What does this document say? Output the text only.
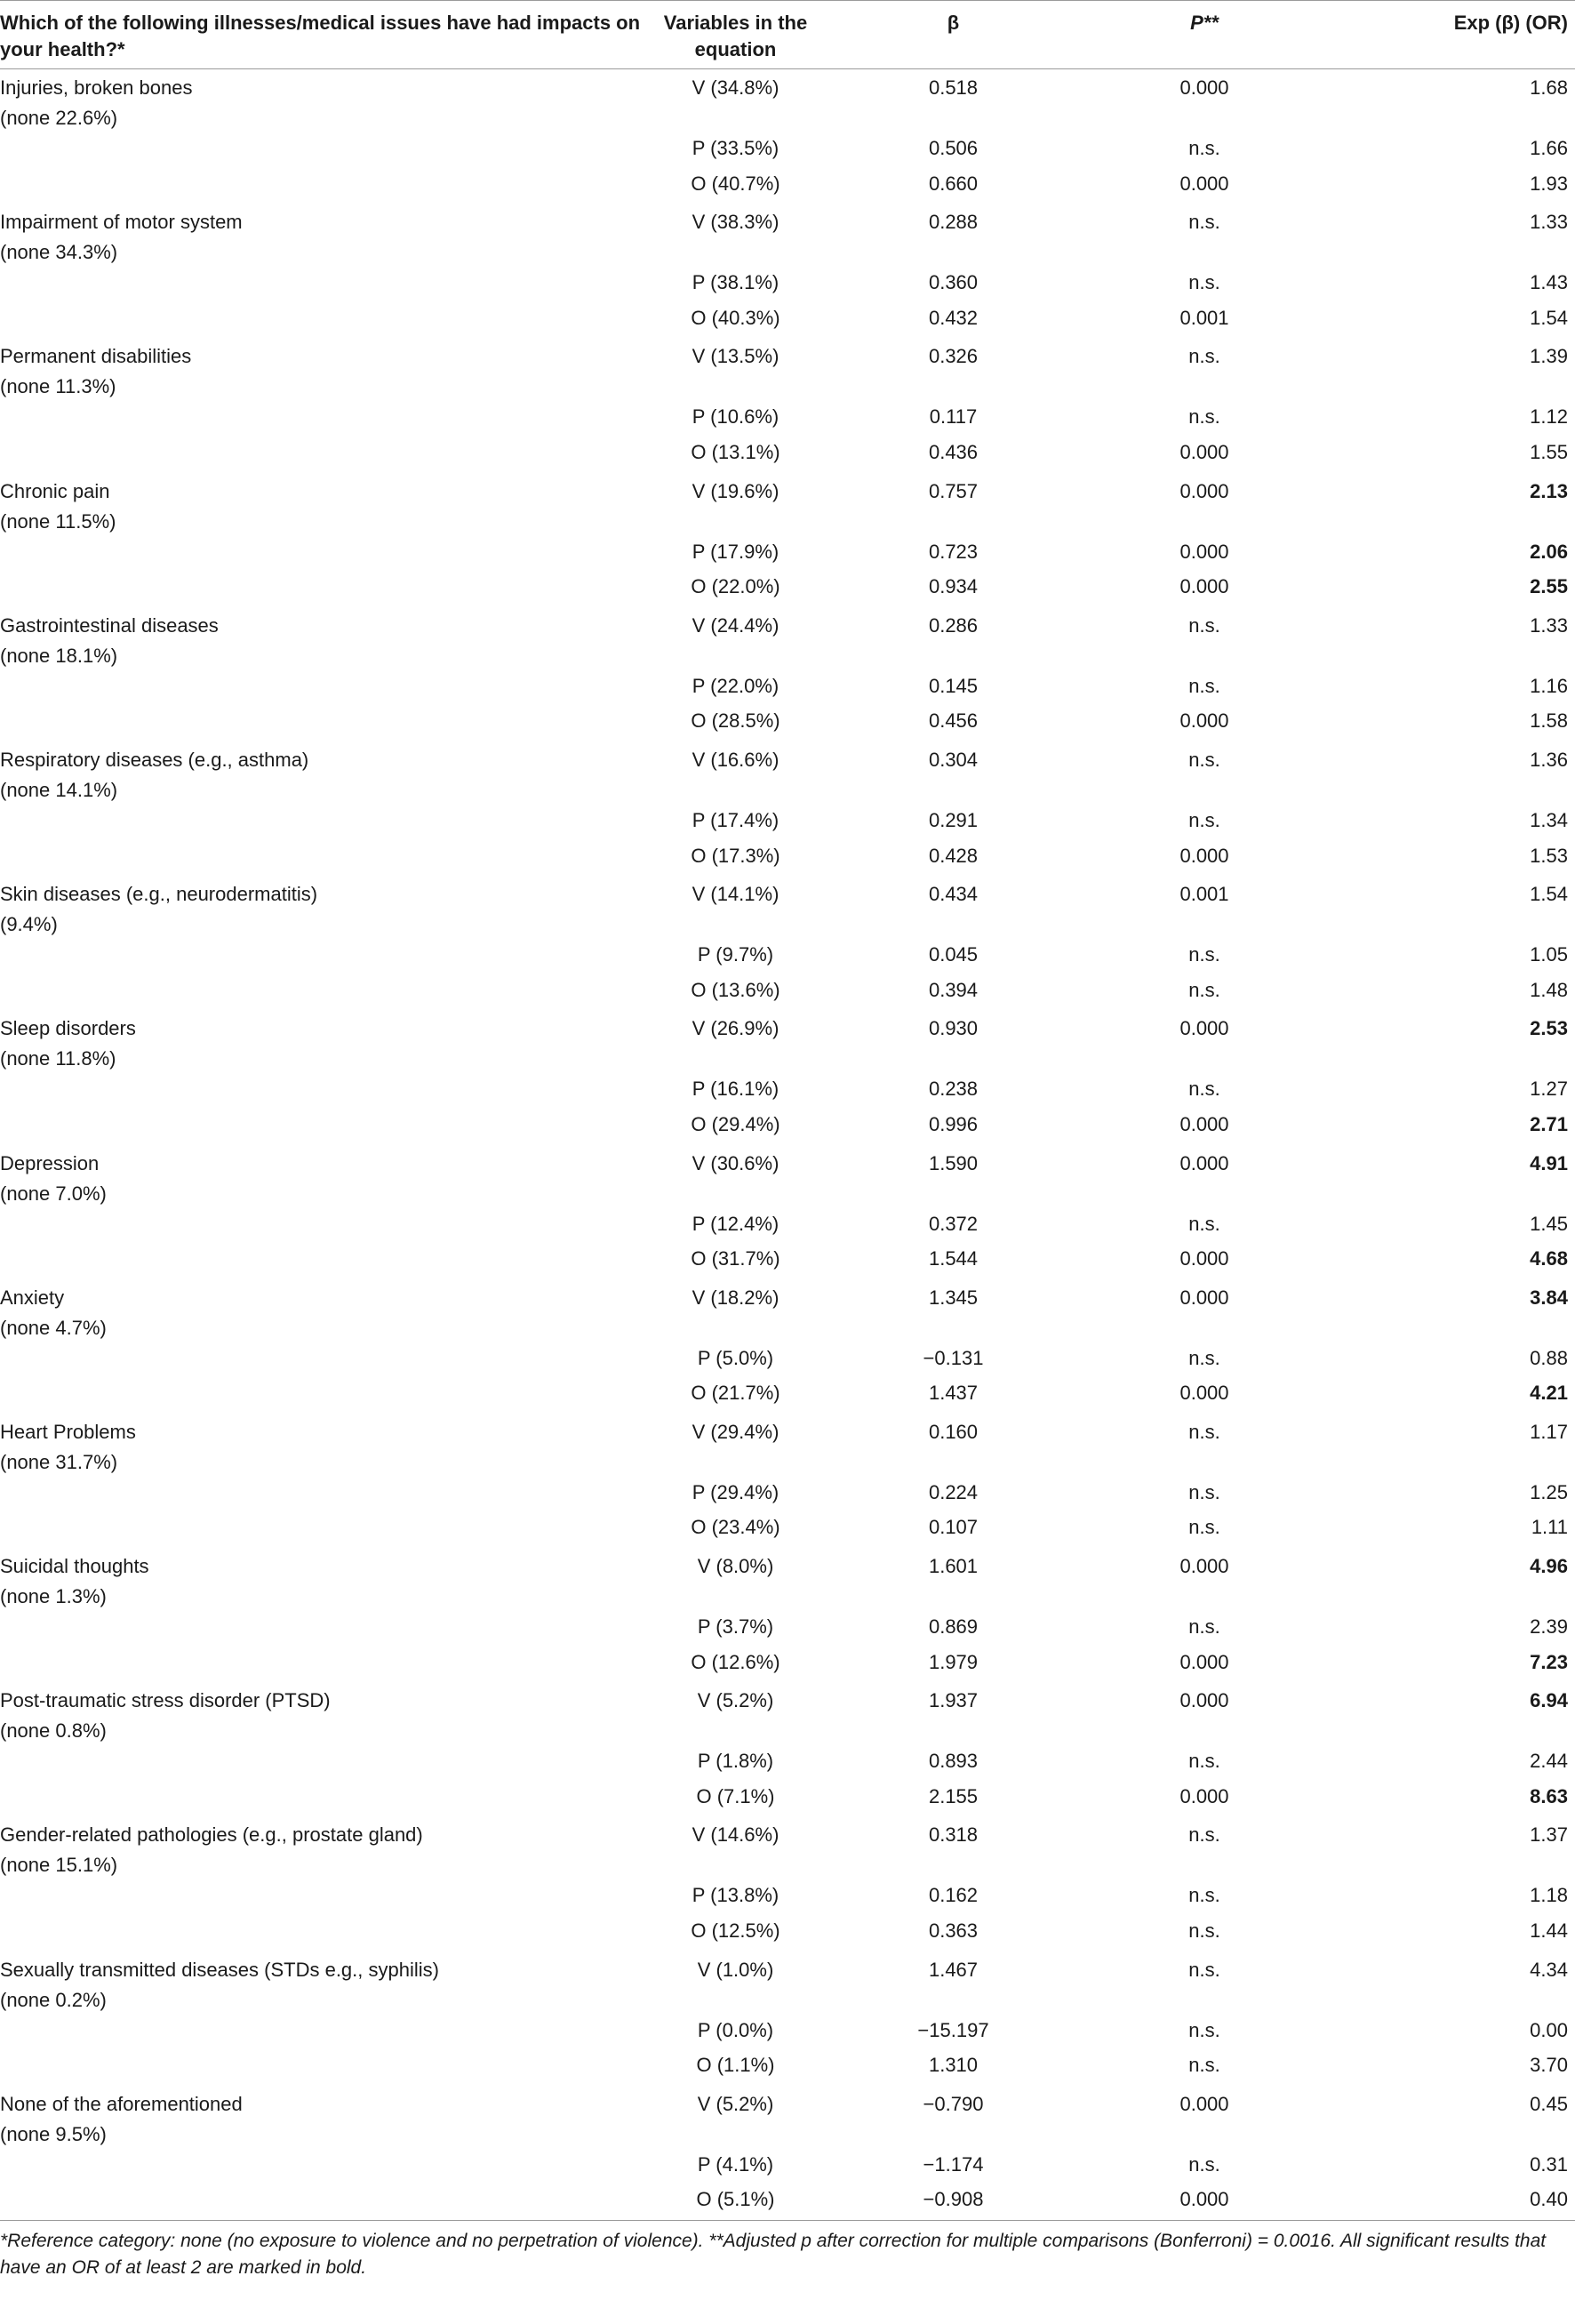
Which of the following illnesses/medical issues have had impacts on your health?*	Variables in the equation	β	P**	Exp (β) (OR)

Injuries, broken bones
(none 22.6%)	V (34.8%)	0.518	0.000	1.68
	P (33.5%)	0.506	n.s.	1.66
	O (40.7%)	0.660	0.000	1.93

Impairment of motor system
(none 34.3%)	V (38.3%)	0.288	n.s.	1.33
	P (38.1%)	0.360	n.s.	1.43
	O (40.3%)	0.432	0.001	1.54

Permanent disabilities
(none 11.3%)	V (13.5%)	0.326	n.s.	1.39
	P (10.6%)	0.117	n.s.	1.12
	O (13.1%)	0.436	0.000	1.55

Chronic pain
(none 11.5%)	V (19.6%)	0.757	0.000	2.13
	P (17.9%)	0.723	0.000	2.06
	O (22.0%)	0.934	0.000	2.55

Gastrointestinal diseases
(none 18.1%)	V (24.4%)	0.286	n.s.	1.33
	P (22.0%)	0.145	n.s.	1.16
	O (28.5%)	0.456	0.000	1.58

Respiratory diseases (e.g., asthma)
(none 14.1%)	V (16.6%)	0.304	n.s.	1.36
	P (17.4%)	0.291	n.s.	1.34
	O (17.3%)	0.428	0.000	1.53

Skin diseases (e.g., neurodermatitis)
(9.4%)	V (14.1%)	0.434	0.001	1.54
	P (9.7%)	0.045	n.s.	1.05
	O (13.6%)	0.394	n.s.	1.48

Sleep disorders
(none 11.8%)	V (26.9%)	0.930	0.000	2.53
	P (16.1%)	0.238	n.s.	1.27
	O (29.4%)	0.996	0.000	2.71

Depression
(none 7.0%)	V (30.6%)	1.590	0.000	4.91
	P (12.4%)	0.372	n.s.	1.45
	O (31.7%)	1.544	0.000	4.68

Anxiety
(none 4.7%)	V (18.2%)	1.345	0.000	3.84
	P (5.0%)	−0.131	n.s.	0.88
	O (21.7%)	1.437	0.000	4.21

Heart Problems
(none 31.7%)	V (29.4%)	0.160	n.s.	1.17
	P (29.4%)	0.224	n.s.	1.25
	O (23.4%)	0.107	n.s.	1.11

Suicidal thoughts
(none 1.3%)	V (8.0%)	1.601	0.000	4.96
	P (3.7%)	0.869	n.s.	2.39
	O (12.6%)	1.979	0.000	7.23

Post-traumatic stress disorder (PTSD)
(none 0.8%)	V (5.2%)	1.937	0.000	6.94
	P (1.8%)	0.893	n.s.	2.44
	O (7.1%)	2.155	0.000	8.63

Gender-related pathologies (e.g., prostate gland)
(none 15.1%)	V (14.6%)	0.318	n.s.	1.37
	P (13.8%)	0.162	n.s.	1.18
	O (12.5%)	0.363	n.s.	1.44

Sexually transmitted diseases (STDs e.g., syphilis)
(none 0.2%)	V (1.0%)	1.467	n.s.	4.34
	P (0.0%)	−15.197	n.s.	0.00
	O (1.1%)	1.310	n.s.	3.70

None of the aforementioned
(none 9.5%)	V (5.2%)	−0.790	0.000	0.45
	P (4.1%)	−1.174	n.s.	0.31
	O (5.1%)	−0.908	0.000	0.40
*Reference category: none (no exposure to violence and no perpetration of violence). **Adjusted p after correction for multiple comparisons (Bonferroni) = 0.0016. All significant results that have an OR of at least 2 are marked in bold.
